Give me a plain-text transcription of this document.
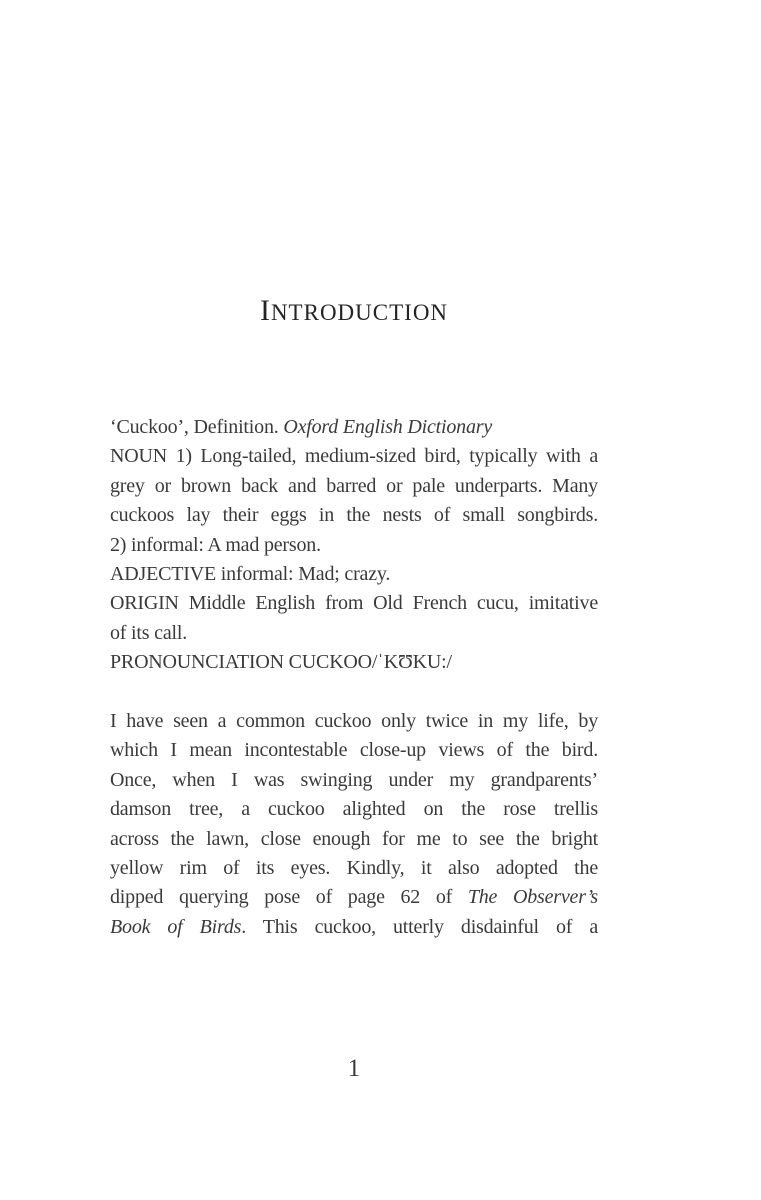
INTRODUCTION
‘Cuckoo’, Definition. Oxford English Dictionary
NOUN 1) Long-tailed, medium-sized bird, typically with a
grey or brown back and barred or pale underparts. Many
cuckoos lay their eggs in the nests of small songbirds.
2) informal: A mad person.
ADJECTIVE informal: Mad; crazy.
ORIGIN Middle English from Old French cucu, imitative
of its call.
PRONOUNCIATION CUCKOO/ˈKƱKU:/
I have seen a common cuckoo only twice in my life, by
which I mean incontestable close-up views of the bird.
Once, when I was swinging under my grandparents’
damson tree, a cuckoo alighted on the rose trellis
across the lawn, close enough for me to see the bright
yellow rim of its eyes. Kindly, it also adopted the
dipped querying pose of page 62 of The Observer’s
Book of Birds. This cuckoo, utterly disdainful of a
1
